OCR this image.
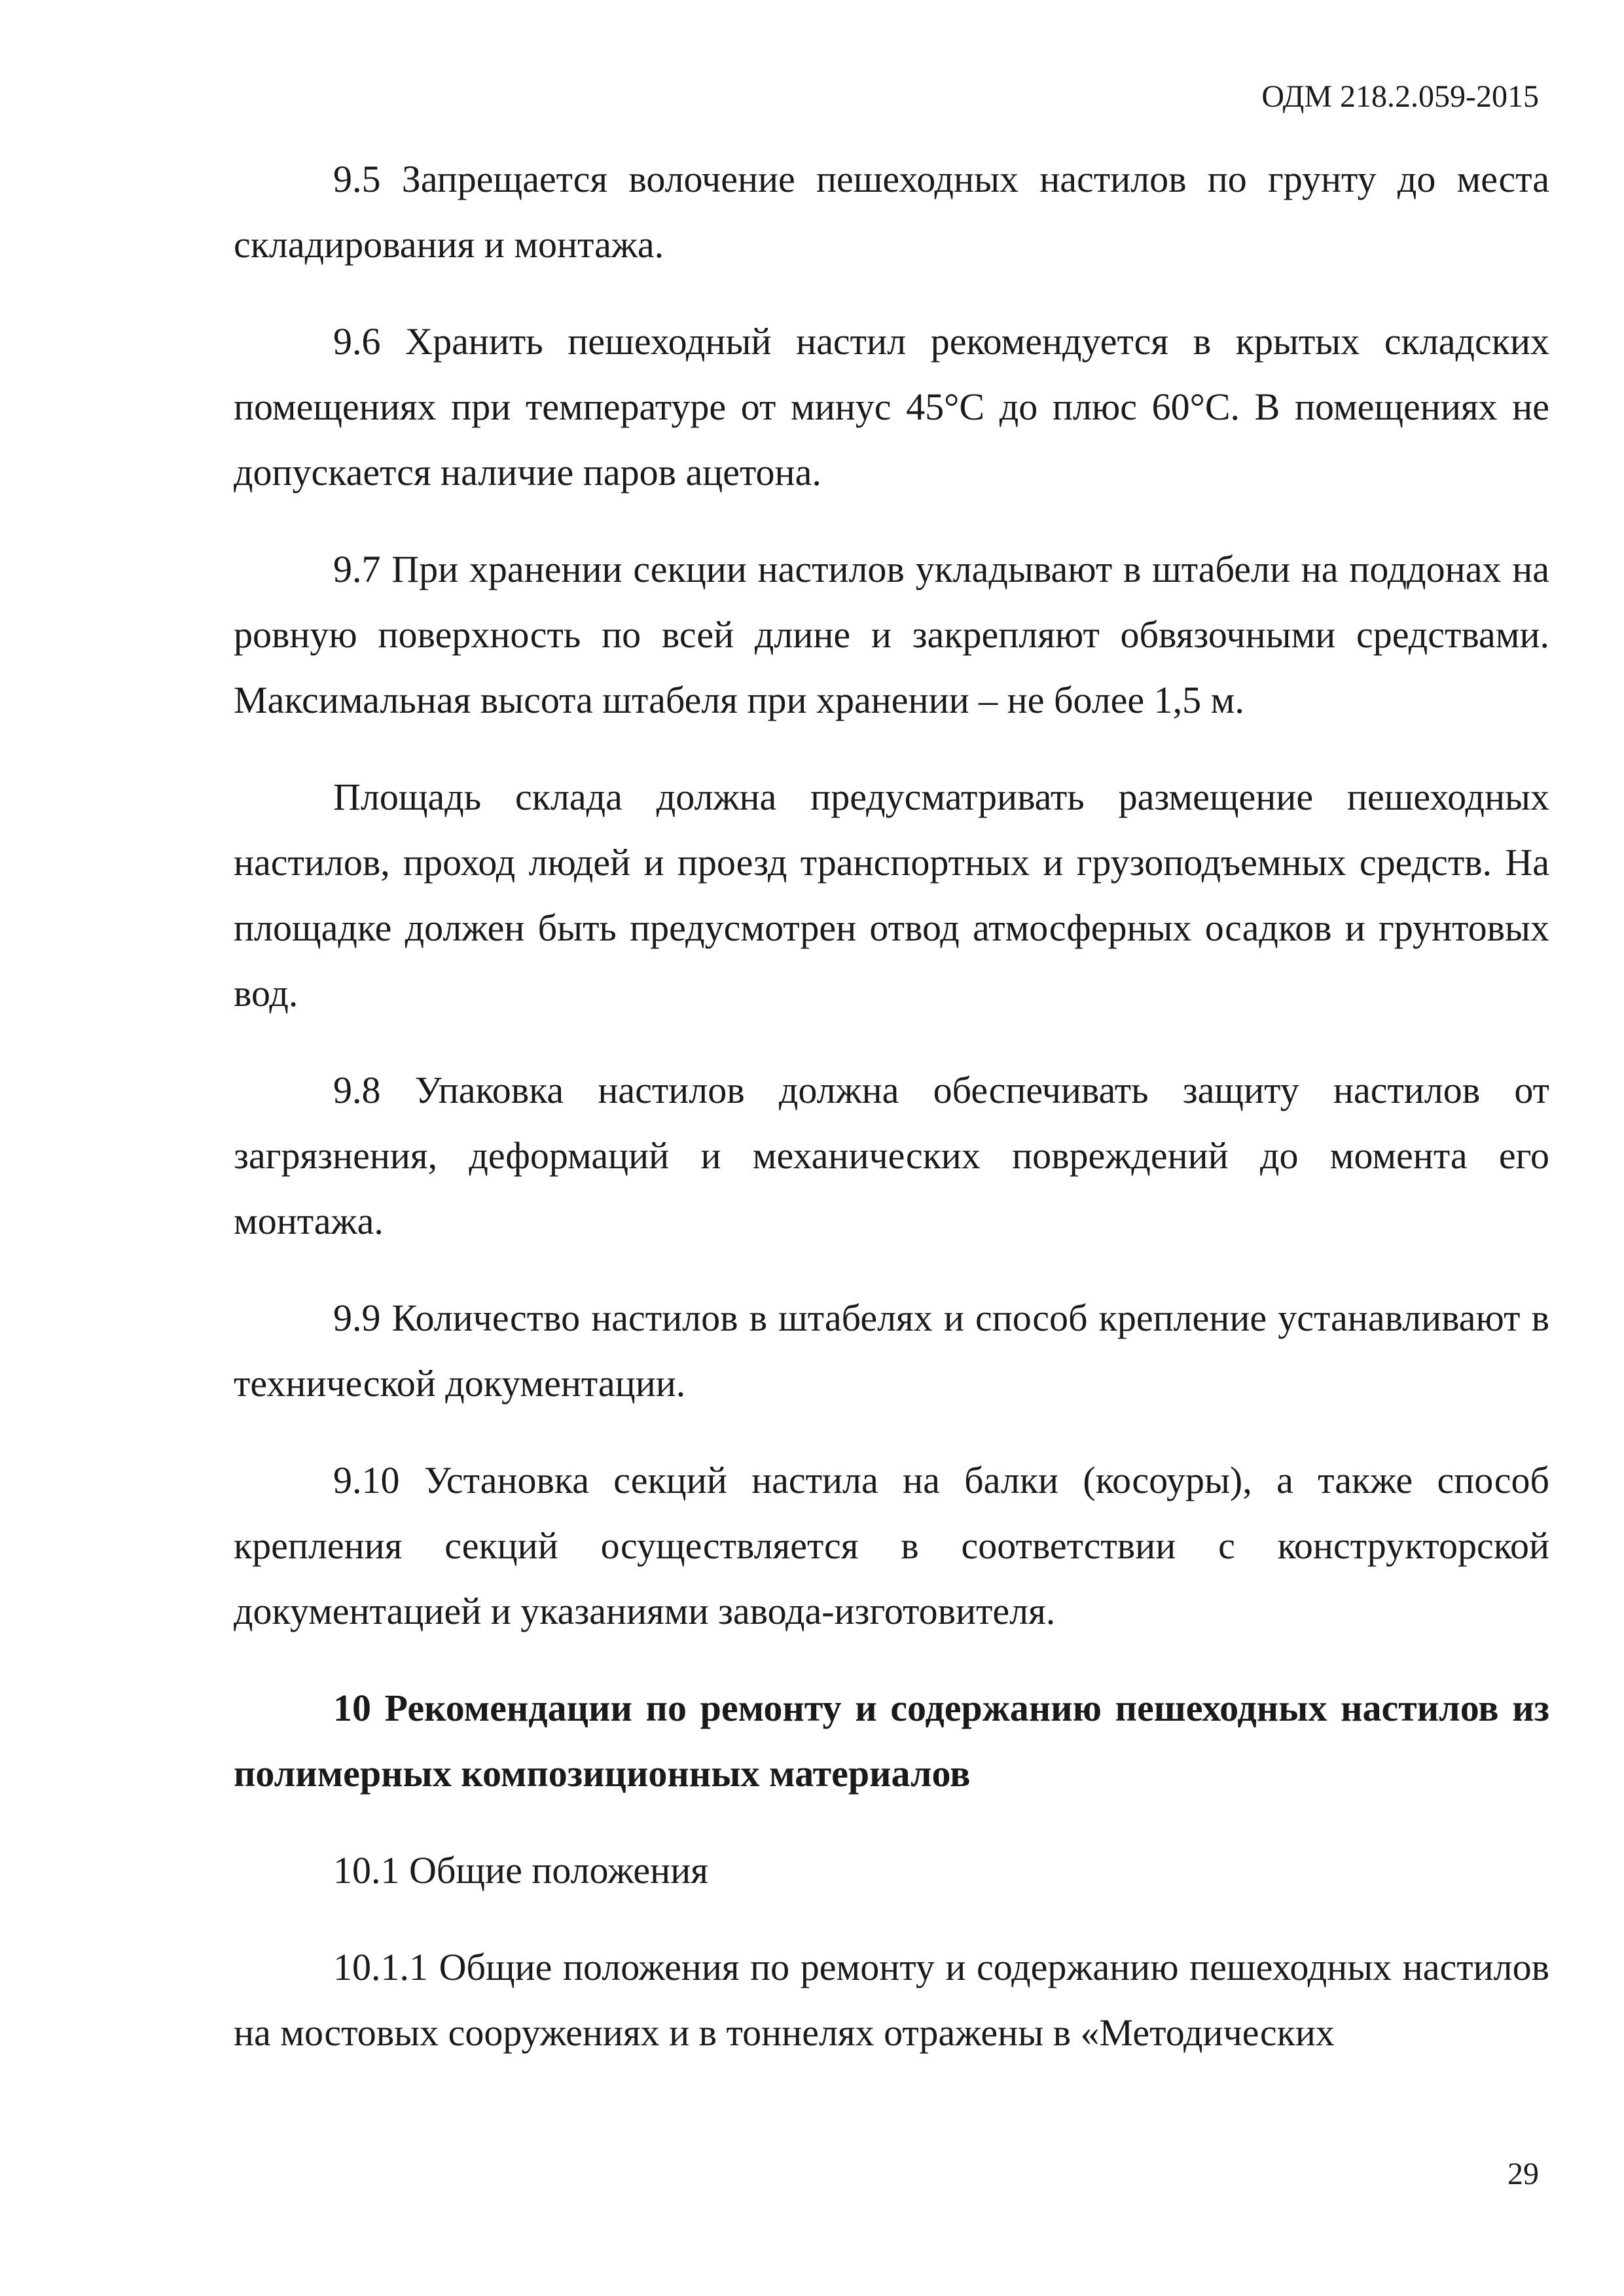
ОДМ 218.2.059-2015

9.5 Запрещается волочение пешеходных настилов по грунту до места складирования и монтажа.

9.6 Хранить пешеходный настил рекомендуется в крытых складских помещениях при температуре от минус 45°С до плюс 60°С. В помещениях не допускается наличие паров ацетона.

9.7 При хранении секции настилов укладывают в штабели на поддонах на ровную поверхность по всей длине и закрепляют обвязочными средствами. Максимальная высота штабеля при хранении – не более 1,5 м.

Площадь склада должна предусматривать размещение пешеходных настилов, проход людей и проезд транспортных и грузоподъемных средств. На площадке должен быть предусмотрен отвод атмосферных осадков и грунтовых вод.

9.8 Упаковка настилов должна обеспечивать защиту настилов от загрязнения, деформаций и механических повреждений до момента его монтажа.

9.9 Количество настилов в штабелях и способ крепление устанавливают в технической документации.

9.10 Установка секций настила на балки (косоуры), а также способ крепления секций осуществляется в соответствии с конструкторской документацией и указаниями завода-изготовителя.

10 Рекомендации по ремонту и содержанию пешеходных настилов из полимерных композиционных материалов

10.1 Общие положения

10.1.1 Общие положения по ремонту и содержанию пешеходных настилов на мостовых сооружениях и в тоннелях отражены в «Методических

29
